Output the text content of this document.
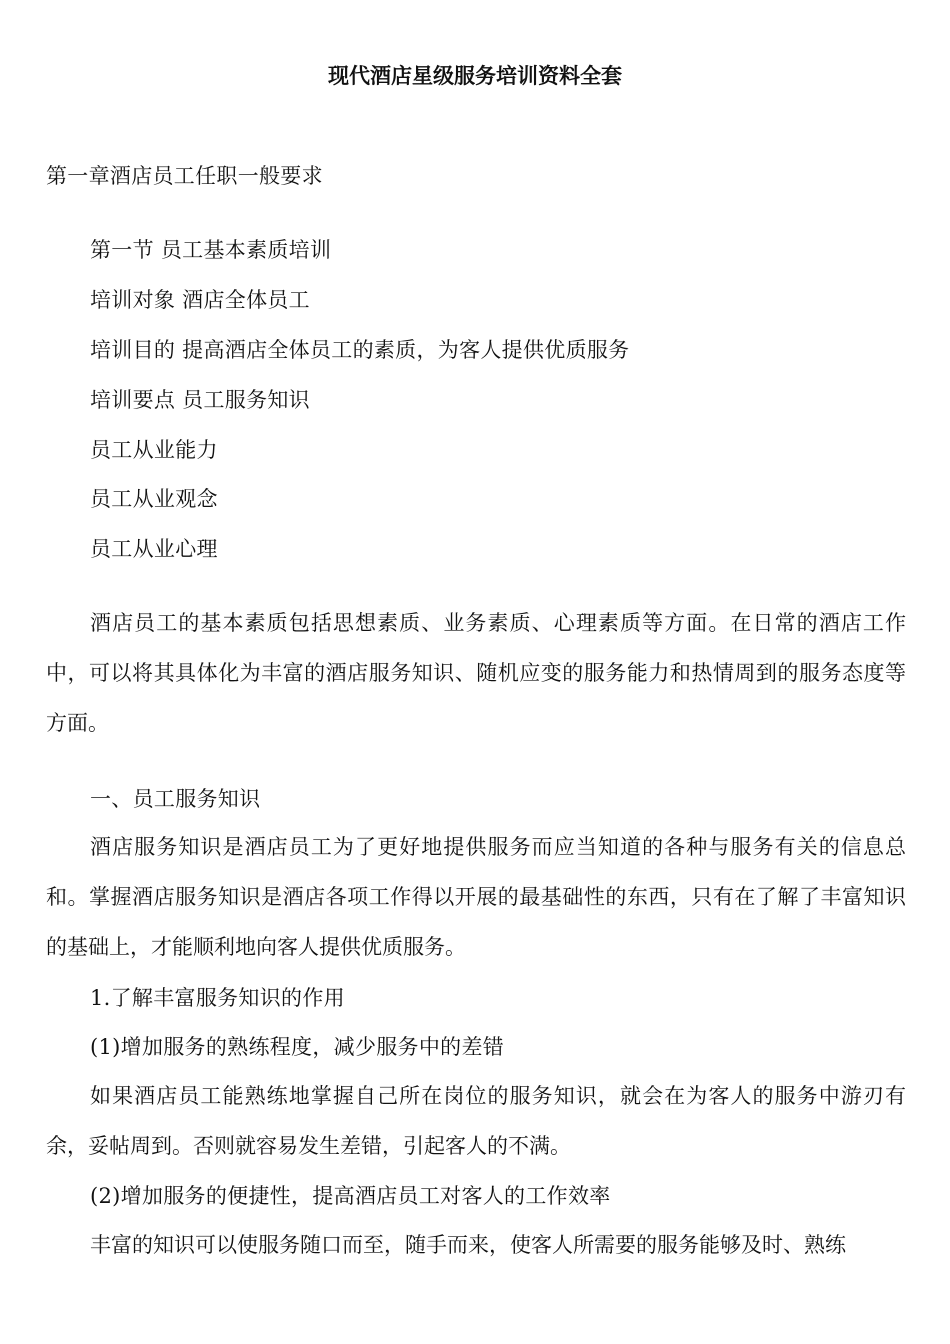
现代酒店星级服务培训资料全套
第一章酒店员工任职一般要求
第一节 员工基本素质培训
培训对象 酒店全体员工
培训目的 提高酒店全体员工的素质，为客人提供优质服务
培训要点 员工服务知识
员工从业能力
员工从业观念
员工从业心理
酒店员工的基本素质包括思想素质、业务素质、心理素质等方面。在日常的酒店工作中，可以将其具体化为丰富的酒店服务知识、随机应变的服务能力和热情周到的服务态度等方面。
一、员工服务知识
酒店服务知识是酒店员工为了更好地提供服务而应当知道的各种与服务有关的信息总和。掌握酒店服务知识是酒店各项工作得以开展的最基础性的东西，只有在了解了丰富知识的基础上，才能顺利地向客人提供优质服务。
1.了解丰富服务知识的作用
(1)增加服务的熟练程度，减少服务中的差错
如果酒店员工能熟练地掌握自己所在岗位的服务知识，就会在为客人的服务中游刃有余，妥帖周到。否则就容易发生差错，引起客人的不满。
(2)增加服务的便捷性，提高酒店员工对客人的工作效率
丰富的知识可以使服务随口而至，随手而来，使客人所需要的服务能够及时、熟练
